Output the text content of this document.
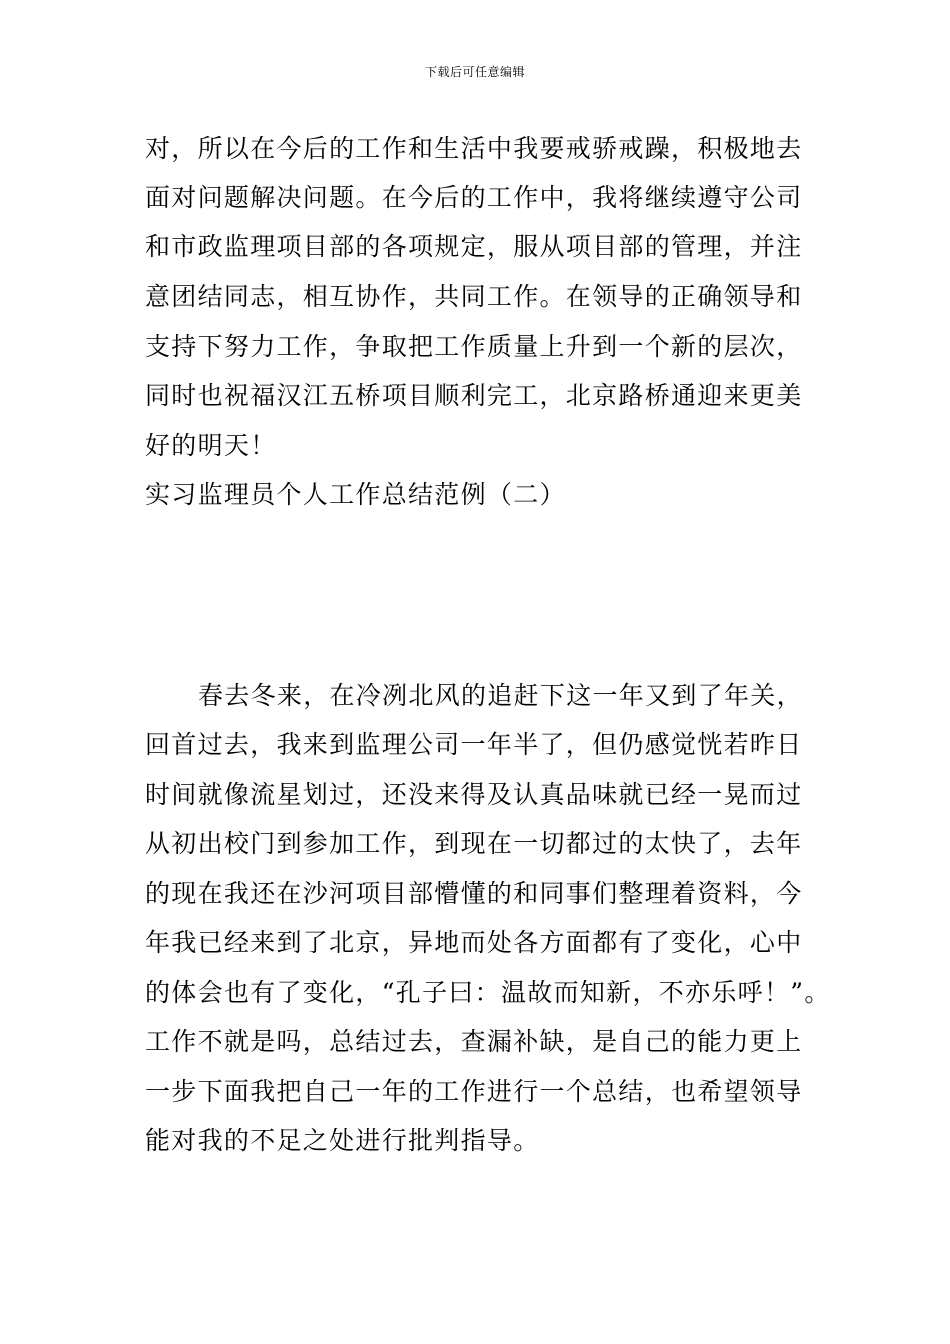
下载后可任意编辑
对，所以在今后的工作和生活中我要戒骄戒躁，积极地去
面对问题解决问题。在今后的工作中，我将继续遵守公司
和市政监理项目部的各项规定，服从项目部的管理，并注
意团结同志，相互协作，共同工作。在领导的正确领导和
支持下努力工作，争取把工作质量上升到一个新的层次，
同时也祝福汉江五桥项目顺利完工，北京路桥通迎来更美
好的明天！
实习监理员个人工作总结范例（二）
春去冬来，在冷冽北风的追赶下这一年又到了年关，
回首过去，我来到监理公司一年半了，但仍感觉恍若昨日
时间就像流星划过，还没来得及认真品味就已经一晃而过
从初出校门到参加工作，到现在一切都过的太快了，去年
的现在我还在沙河项目部懵懂的和同事们整理着资料，今
年我已经来到了北京，异地而处各方面都有了变化，心中
的体会也有了变化，“孔子曰：温故而知新，不亦乐呼！”。
工作不就是吗，总结过去，查漏补缺，是自己的能力更上
一步下面我把自己一年的工作进行一个总结，也希望领导
能对我的不足之处进行批判指导。
